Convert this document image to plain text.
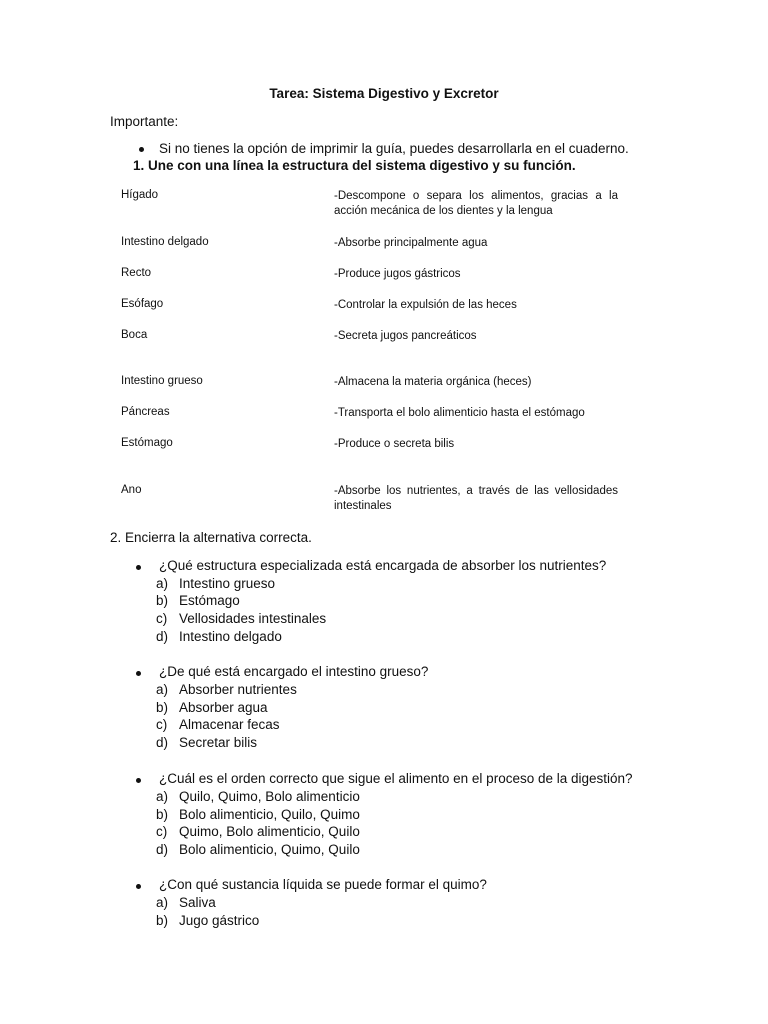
Tarea: Sistema Digestivo y Excretor
Importante:
Si no tienes la opción de imprimir la guía, puedes desarrollarla en el cuaderno.
1. Une con una línea la estructura del sistema digestivo y su función.
Hígado	-Descompone o separa los alimentos, gracias a la acción mecánica de los dientes y la lengua
Intestino delgado	-Absorbe principalmente agua
Recto	-Produce jugos gástricos
Esófago	-Controlar la expulsión de las heces
Boca	-Secreta jugos pancreáticos
Intestino grueso	-Almacena la materia orgánica (heces)
Páncreas	-Transporta el bolo alimenticio hasta el estómago
Estómago	-Produce o secreta bilis
Ano	-Absorbe los nutrientes, a través de las vellosidades intestinales
2. Encierra la alternativa correcta.
¿Qué estructura especializada está encargada de absorber los nutrientes?
a) Intestino grueso
b) Estómago
c) Vellosidades intestinales
d) Intestino delgado
¿De qué está encargado el intestino grueso?
a) Absorber nutrientes
b) Absorber agua
c) Almacenar fecas
d) Secretar bilis
¿Cuál es el orden correcto que sigue el alimento en el proceso de la digestión?
a) Quilo, Quimo, Bolo alimenticio
b) Bolo alimenticio, Quilo, Quimo
c) Quimo, Bolo alimenticio, Quilo
d) Bolo alimenticio, Quimo, Quilo
¿Con qué sustancia líquida se puede formar el quimo?
a) Saliva
b) Jugo gástrico
